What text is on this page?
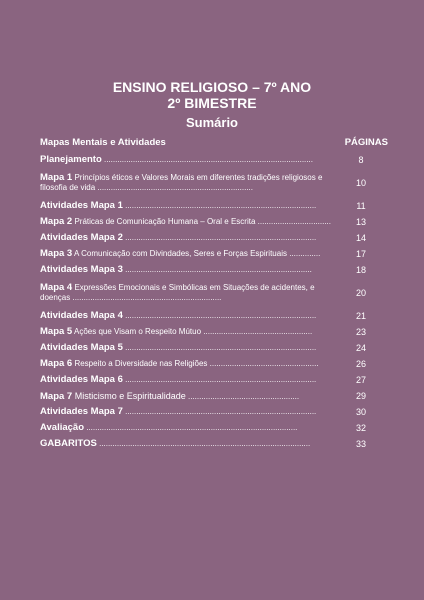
ENSINO RELIGIOSO – 7º ANO
2º BIMESTRE
Sumário
Mapas Mentais e Atividades	PÁGINAS
Planejamento ..............................................................................................	8
Mapa 1 Princípios éticos e Valores Morais em diferentes tradições religiosos e filosofia de vida ......................................................................	10
Atividades Mapa 1 ......................................................................................	11
Mapa 2 Práticas de Comunicação Humana – Oral e Escrita .................................	13
Atividades Mapa 2 ......................................................................................	14
Mapa 3 A Comunicação com Divindades, Seres e Forças Espirituais ..............	17
Atividades Mapa 3 ....................................................................................	18
Mapa 4 Expressões Emocionais e Simbólicas em Situações de acidentes, e doenças ...................................................................	20
Atividades Mapa 4 ......................................................................................	21
Mapa 5 Ações que Visam o Respeito Mútuo .................................................	23
Atividades Mapa 5 ......................................................................................	24
Mapa 6 Respeito a Diversidade nas Religiões .................................................	26
Atividades Mapa 6 ......................................................................................	27
Mapa 7 Misticismo e Espiritualidade ..................................................	29
Atividades Mapa 7 ......................................................................................	30
Avaliação ...............................................................................................	32
GABARITOS ...............................................................................................	33
